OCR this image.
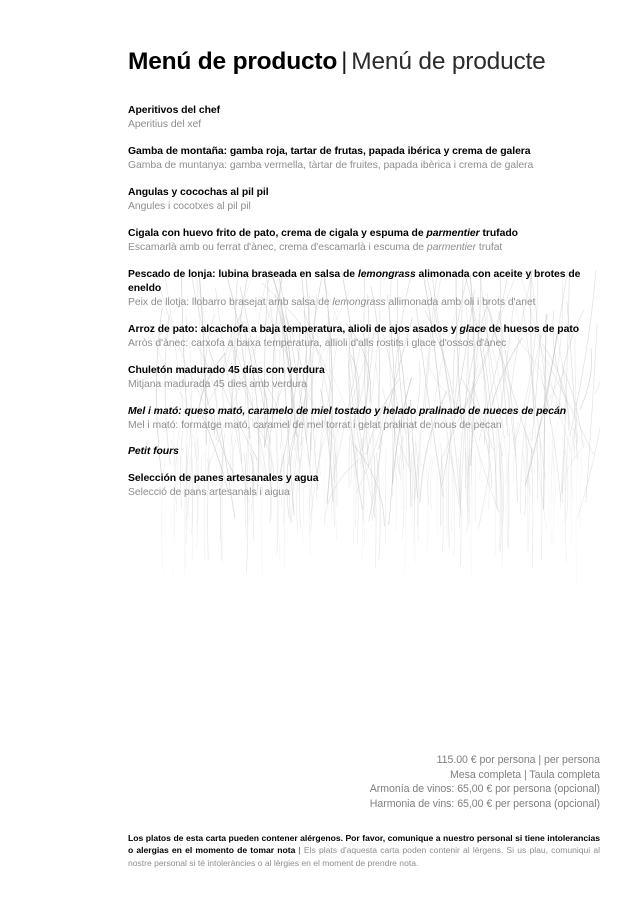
Menú de producto | Menú de producte
Aperitivos del chef
Aperitius del xef
Gamba de montaña: gamba roja, tartar de frutas, papada ibérica y crema de galera
Gamba de muntanya: gamba vermella, tàrtar de fruites, papada ibèrica i crema de galera
Angulas y cocochas al pil pil
Angules i cocotxes al pil pil
Cigala con huevo frito de pato, crema de cigala y espuma de parmentier trufado
Escamarlà amb ou ferrat d'ànec, crema d'escamarlà i escuma de parmentier trufat
Pescado de lonja: lubina braseada en salsa de lemongrass alimonada con aceite y brotes de eneldo
Peix de llotja: llobarro brasejat amb salsa de lemongrass allimonada amb oli i brots d'anet
Arroz de pato: alcachofa a baja temperatura, alioli de ajos asados y glace de huesos de pato
Arròs d'ànec: carxofa a baixa temperatura, allioli d'alls rostits i glace d'ossos d'ànec
Chuletón madurado 45 días con verdura
Mitjana madurada 45 dies amb verdura
Mel i mató: queso mató, caramelo de miel tostado y helado pralinado de nueces de pecán
Mel i mató: formatge mató, caramel de mel torrat i gelat pralinat de nous de pecan
Petit fours
Selección de panes artesanales y agua
Selecció de pans artesanals i aigua
115.00 € por persona | per persona
Mesa completa | Taula completa
Armonía de vinos: 65,00 € por persona (opcional)
Harmonia de vins: 65,00 € per persona (opcional)
Los platos de esta carta pueden contener alérgenos. Por favor, comunique a nuestro personal si tiene intolerancias o alergias en el momento de tomar nota | Els plats d'aquesta carta poden contenir al lèrgens. Si us plau, comuniqui al nostre personal si té intoleràncies o al lèrgies en el moment de prendre nota.
